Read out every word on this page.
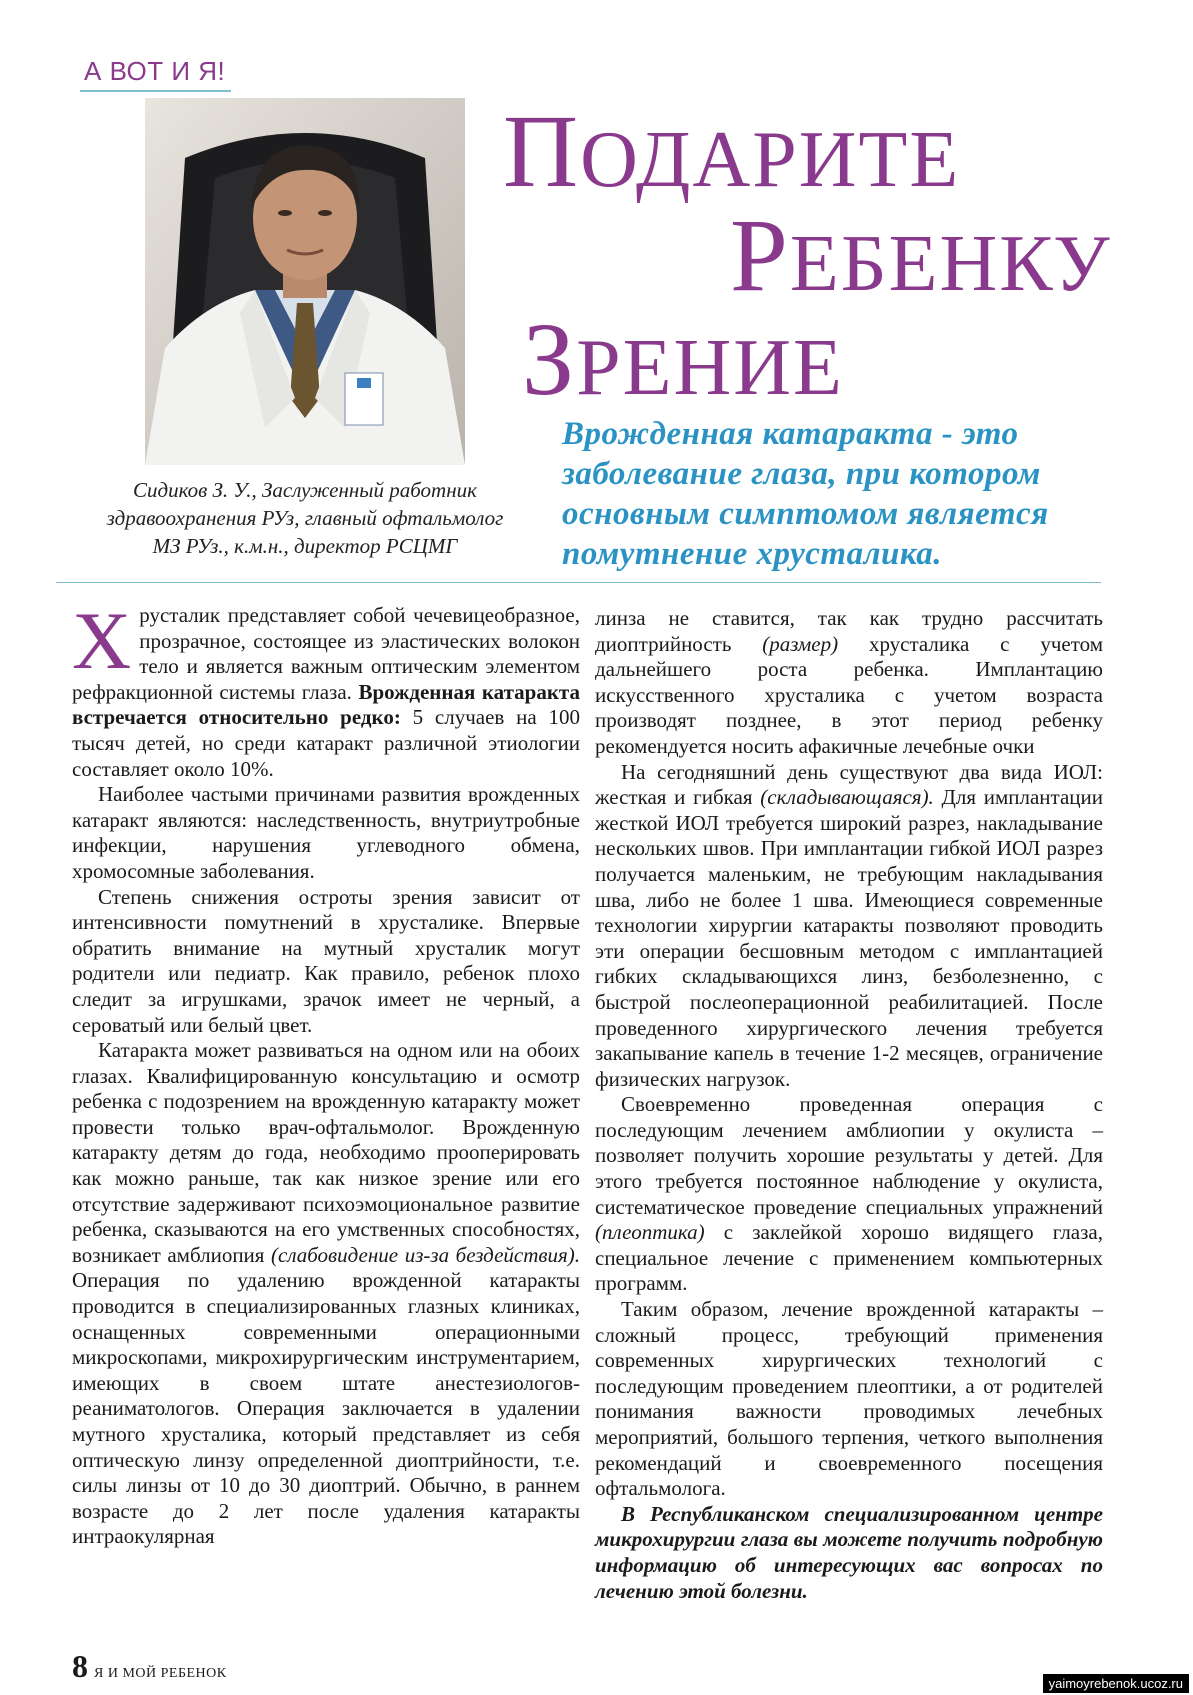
А ВОТ И Я!
Сидиков З. У., Заслуженный работник
здравоохранения РУз, главный офтальмолог
МЗ РУз., к.м.н., директор РСЦМГ
ПОДАРИТЕ
РЕБЕНКУ
ЗРЕНИЕ
Врожденная катаракта - это заболевание глаза, при котором основным симптомом является помутнение хрусталика.

Хрусталик представляет собой чечевицеобразное, прозрачное, состоящее из эластических волокон тело и является важным оптическим элементом рефракционной системы глаза. Врожденная катаракта встречается относительно редко: 5 случаев на 100 тысяч детей, но среди катаракт различной этиологии составляет около 10%.

Наиболее частыми причинами развития врожденных катаракт являются: наследственность, внутриутробные инфекции, нарушения углеводного обмена, хромосомные заболевания.

Степень снижения остроты зрения зависит от интенсивности помутнений в хрусталике. Впервые обратить внимание на мутный хрусталик могут родители или педиатр. Как правило, ребенок плохо следит за игрушками, зрачок имеет не черный, а сероватый или белый цвет.

Катаракта может развиваться на одном или на обоих глазах. Квалифицированную консультацию и осмотр ребенка с подозрением на врожденную катаракту может провести только врач-офтальмолог. Врожденную катаракту детям до года, необходимо прооперировать как можно раньше, так как низкое зрение или его отсутствие задерживают психоэмоциональное развитие ребенка, сказываются на его умственных способностях, возникает амблиопия (слабовидение из-за бездействия). Операция по удалению врожденной катаракты проводится в специализированных глазных клиниках, оснащенных современными операционными микроскопами, микрохирургическим инструментарием, имеющих в своем штате анестезиологов-реаниматологов. Операция заключается в удалении мутного хрусталика, который представляет из себя оптическую линзу определенной диоптрийности, т.е. силы линзы от 10 до 30 диоптрий. Обычно, в раннем возрасте до 2 лет после удаления катаракты интраокулярная

линза не ставится, так как трудно рассчитать диоптрийность (размер) хрусталика с учетом дальнейшего роста ребенка. Имплантацию искусственного хрусталика с учетом возраста производят позднее, в этот период ребенку рекомендуется носить афакичные лечебные очки

На сегодняшний день существуют два вида ИОЛ: жесткая и гибкая (складывающаяся). Для имплантации жесткой ИОЛ требуется широкий разрез, накладывание нескольких швов. При имплантации гибкой ИОЛ разрез получается маленьким, не требующим накладывания шва, либо не более 1 шва. Имеющиеся современные технологии хирургии катаракты позволяют проводить эти операции бесшовным методом с имплантацией гибких складывающихся линз, безболезненно, с быстрой послеоперационной реабилитацией. После проведенного хирургического лечения требуется закапывание капель в течение 1-2 месяцев, ограничение физических нагрузок.

Своевременно проведенная операция с последующим лечением амблиопии у окулиста – позволяет получить хорошие результаты у детей. Для этого требуется постоянное наблюдение у окулиста, систематическое проведение специальных упражнений (плеоптика) с заклейкой хорошо видящего глаза, специальное лечение с применением компьютерных программ.

Таким образом, лечение врожденной катаракты – сложный процесс, требующий применения современных хирургических технологий с последующим проведением плеоптики, а от родителей понимания важности проводимых лечебных мероприятий, большого терпения, четкого выполнения рекомендаций и своевременного посещения офтальмолога.

В Республиканском специализированном центре микрохирургии глаза вы можете получить подробную информацию об интересующих вас вопросах по лечению этой болезни.

8 Я И МОЙ РЕБЕНОК
yaimoyrebenok.ucoz.ru
